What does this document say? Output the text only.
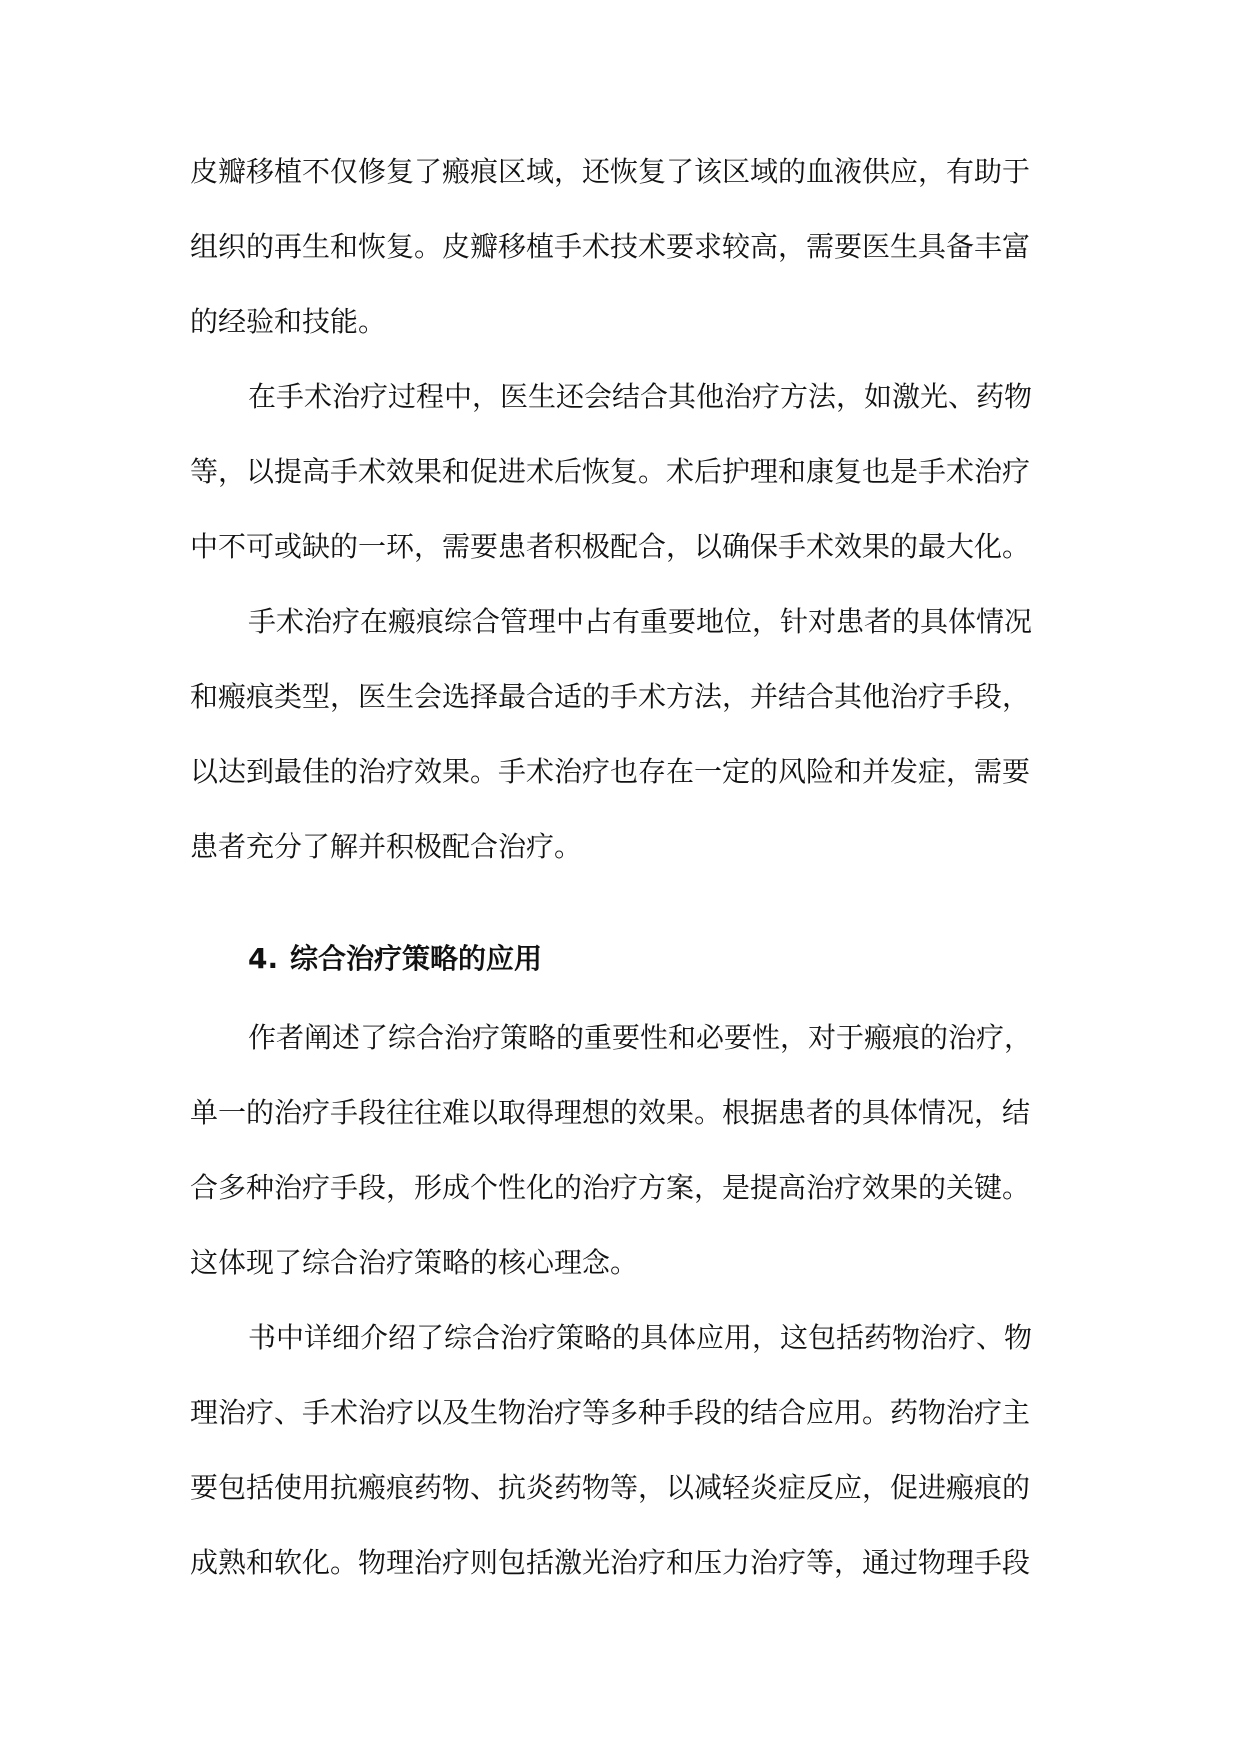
皮瓣移植不仅修复了瘢痕区域，还恢复了该区域的血液供应，有助于
组织的再生和恢复。皮瓣移植手术技术要求较高，需要医生具备丰富
的经验和技能。
在手术治疗过程中，医生还会结合其他治疗方法，如激光、药物
等，以提高手术效果和促进术后恢复。术后护理和康复也是手术治疗
中不可或缺的一环，需要患者积极配合，以确保手术效果的最大化。
手术治疗在瘢痕综合管理中占有重要地位，针对患者的具体情况
和瘢痕类型，医生会选择最合适的手术方法，并结合其他治疗手段，
以达到最佳的治疗效果。手术治疗也存在一定的风险和并发症，需要
患者充分了解并积极配合治疗。
4. 综合治疗策略的应用
作者阐述了综合治疗策略的重要性和必要性，对于瘢痕的治疗，
单一的治疗手段往往难以取得理想的效果。根据患者的具体情况，结
合多种治疗手段，形成个性化的治疗方案，是提高治疗效果的关键。
这体现了综合治疗策略的核心理念。
书中详细介绍了综合治疗策略的具体应用，这包括药物治疗、物
理治疗、手术治疗以及生物治疗等多种手段的结合应用。药物治疗主
要包括使用抗瘢痕药物、抗炎药物等，以减轻炎症反应，促进瘢痕的
成熟和软化。物理治疗则包括激光治疗和压力治疗等，通过物理手段
